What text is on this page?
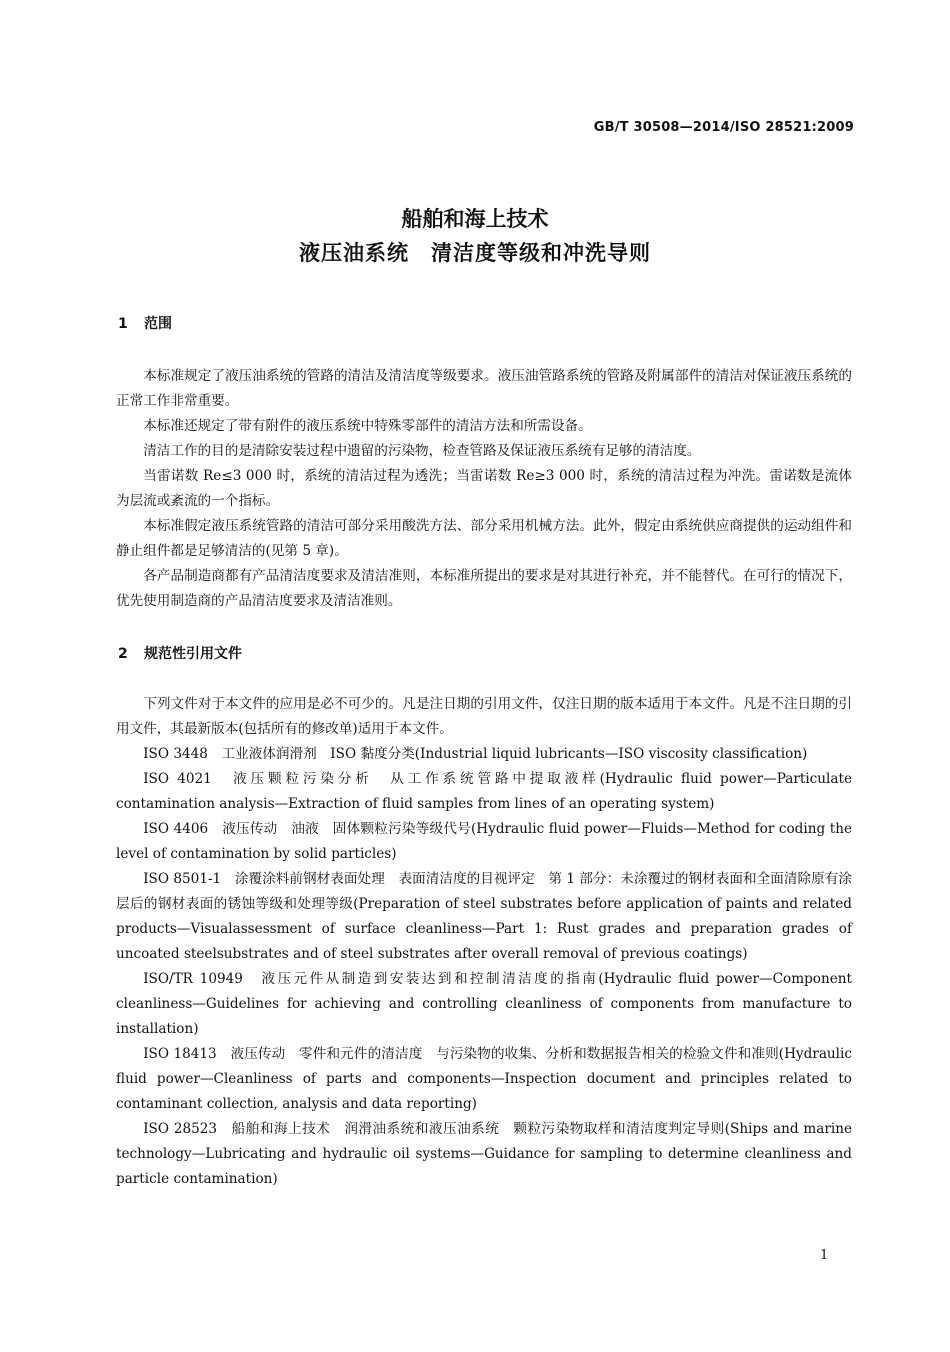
GB/T 30508—2014/ISO 28521:2009
船舶和海上技术
液压油系统　清洁度等级和冲洗导则
1 范围

本标准规定了液压油系统的管路的清洁及清洁度等级要求。液压油管路系统的管路及附属部件的清洁对保证液压系统的正常工作非常重要。

本标准还规定了带有附件的液压系统中特殊零部件的清洁方法和所需设备。

清洁工作的目的是清除安装过程中遗留的污染物，检查管路及保证液压系统有足够的清洁度。

当雷诺数 Re≤3 000 时，系统的清洁过程为透洗；当雷诺数 Re≥3 000 时，系统的清洁过程为冲洗。雷诺数是流体为层流或紊流的一个指标。

本标准假定液压系统管路的清洁可部分采用酸洗方法、部分采用机械方法。此外，假定由系统供应商提供的运动组件和静止组件都是足够清洁的(见第 5 章)。

各产品制造商都有产品清洁度要求及清洁准则，本标准所提出的要求是对其进行补充，并不能替代。在可行的情况下，优先使用制造商的产品清洁度要求及清洁准则。

2 规范性引用文件

下列文件对于本文件的应用是必不可少的。凡是注日期的引用文件，仅注日期的版本适用于本文件。凡是不注日期的引用文件，其最新版本(包括所有的修改单)适用于本文件。

ISO 3448　工业液体润滑剂　ISO 黏度分类(Industrial liquid lubricants—ISO viscosity classification)

ISO 4021　液压颗粒污染分析　从工作系统管路中提取液样(Hydraulic fluid power—Particulate contamination analysis—Extraction of fluid samples from lines of an operating system)

ISO 4406　液压传动　油液　固体颗粒污染等级代号(Hydraulic fluid power—Fluids—Method for coding the level of contamination by solid particles)

ISO 8501-1　涂覆涂料前钢材表面处理　表面清洁度的目视评定　第 1 部分：未涂覆过的钢材表面和全面清除原有涂层后的钢材表面的锈蚀等级和处理等级(Preparation of steel substrates before application of paints and related products—Visualassessment of surface cleanliness—Part 1: Rust grades and preparation grades of uncoated steelsubstrates and of steel substrates after overall removal of previous coatings)

ISO/TR 10949　液压元件从制造到安装达到和控制清洁度的指南(Hydraulic fluid power—Component cleanliness—Guidelines for achieving and controlling cleanliness of components from manufacture to installation)

ISO 18413　液压传动　零件和元件的清洁度　与污染物的收集、分析和数据报告相关的检验文件和准则(Hydraulic fluid power—Cleanliness of parts and components—Inspection document and principles related to contaminant collection, analysis and data reporting)

ISO 28523　船舶和海上技术　润滑油系统和液压油系统　颗粒污染物取样和清洁度判定导则(Ships and marine technology—Lubricating and hydraulic oil systems—Guidance for sampling to determine cleanliness and particle contamination)

1
